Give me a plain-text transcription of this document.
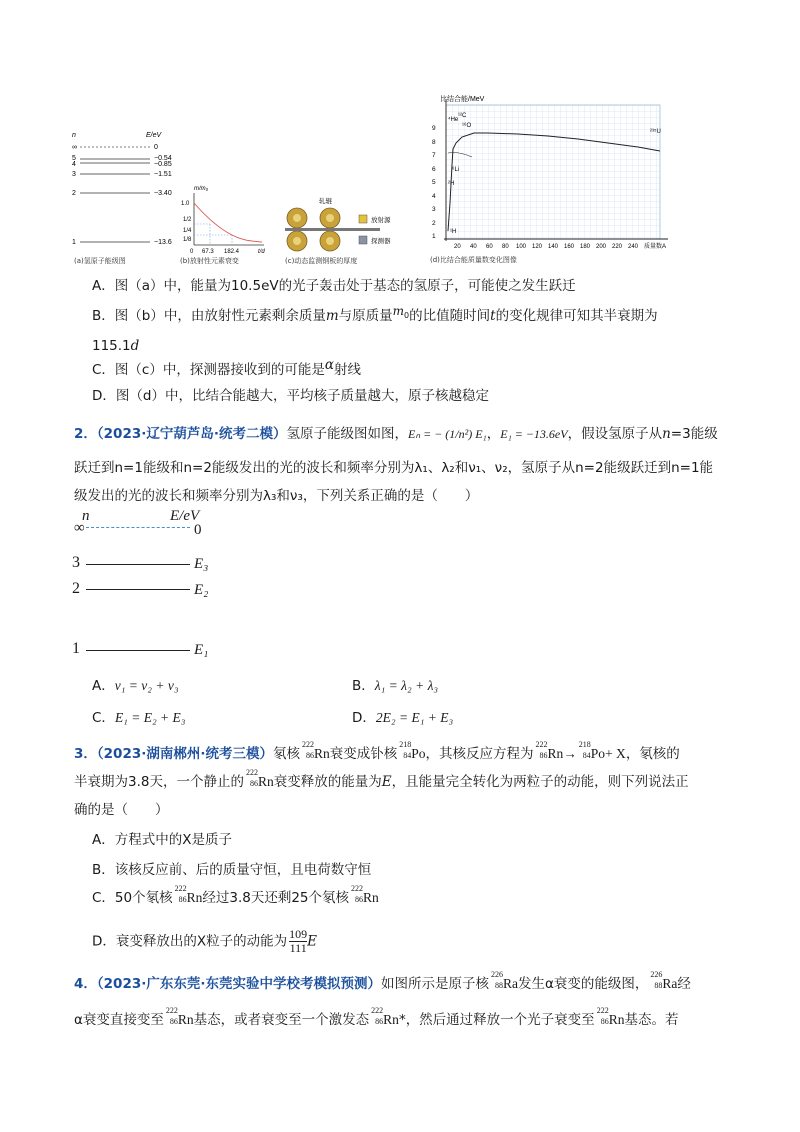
n	E/eV
∞	0
5	−0.54
4	−0.85
3	−1.51
2	−3.40
1	−13.6
(a)氢原子能级图
m/m₀
1.0
1/2
1/4
1/8
0 67.3 182.4	t/d
(b)放射性元素衰变
轧辊
放射源
探测器
(c)动态监测钢板的厚度
比结合能/MeV
9
8
7
6
5
4
3
2
1
20 40 60 80 100 120 140 160 180 200 220 240 质量数A
⁴He
¹²C
¹⁶O
⁶Li
¹H
²H
²³⁵U
(d)比结合能质量数变化图像
A．图（a）中，能量为10.5eV的光子轰击处于基态的氢原子，可能使之发生跃迁
B．图（b）中，由放射性元素剩余质量m与原质量$m_0$的比值随时间t的变化规律可知其半衰期为
115.1d
C．图（c）中，探测器接收到的可能是α射线
D．图（d）中，比结合能越大，平均核子质量越大，原子核越稳定
2．（2023·辽宁葫芦岛·统考二模）氢原子能级图如图，Eₙ = − (1/n²) E₁，E₁ = −13.6eV，假设氢原子从n=3能级
跃迁到n=1能级和n=2能级发出的光的波长和频率分别为λ₁、λ₂和ν₁、ν₂，氢原子从n=2能级跃迁到n=1能
级发出的光的波长和频率分别为λ₃和ν₃，下列关系正确的是（　　）
n	E/eV
∞	0
3	E₃
2	E₂
1	E₁
A．ν₁ = ν₂ + ν₃	B．λ₁ = λ₂ + λ₃
C．E₁ = E₂ + E₃	D．2E₂ = E₁ + E₃
3．（2023·湖南郴州·统考三模）氡核
222
86 Rn衰变成钋核
218
84 Po，其核反应方程为
222
86 Rn→
218
84 Po+ X，氡核的
半衰期为3.8天，一个静止的
222
86 Rn衰变释放的能量为E，且能量完全转化为两粒子的动能，则下列说法正
确的是（　　）
A．方程式中的X是质子
B．该核反应前、后的质量守恒，且电荷数守恒
C．50个氡核
222
86 Rn经过3.8天还剩25个氡核
222
86 Rn
D．衰变释放出的X粒子的动能为 $\frac{109}{111}$ E
4．（2023·广东东莞·东莞实验中学校考模拟预测）如图所示是原子核
226
88 Ra发生α衰变的能级图，
226
88 Ra经
α衰变直接变至
222
86 Rn基态，或者衰变至一个激发态
222
86 Rn*，然后通过释放一个光子衰变至
222
86 Rn基态。若
